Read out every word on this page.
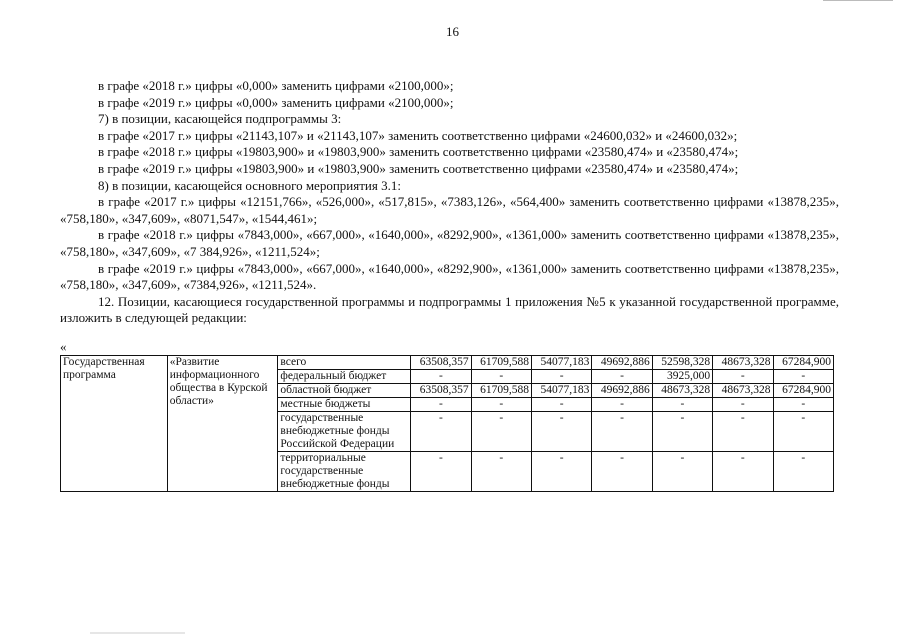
16
в графе «2018 г.» цифры «0,000» заменить цифрами «2100,000»;
в графе «2019 г.» цифры «0,000» заменить цифрами «2100,000»;
7) в позиции, касающейся подпрограммы 3:
в графе «2017 г.» цифры «21143,107» и «21143,107» заменить соответственно цифрами «24600,032» и «24600,032»;
в графе «2018 г.» цифры «19803,900» и «19803,900» заменить соответственно цифрами «23580,474» и «23580,474»;
в графе «2019 г.» цифры «19803,900» и «19803,900» заменить соответственно цифрами «23580,474» и «23580,474»;
8) в позиции, касающейся основного мероприятия 3.1:
в графе «2017 г.» цифры «12151,766», «526,000», «517,815», «7383,126», «564,400» заменить соответственно цифрами «13878,235», «758,180», «347,609», «8071,547», «1544,461»;
в графе «2018 г.» цифры «7843,000», «667,000», «1640,000», «8292,900», «1361,000» заменить соответственно цифрами «13878,235», «758,180», «347,609», «7 384,926», «1211,524»;
в графе «2019 г.» цифры «7843,000», «667,000», «1640,000», «8292,900», «1361,000» заменить соответственно цифрами «13878,235», «758,180», «347,609», «7384,926», «1211,524».
12. Позиции, касающиеся государственной программы и подпрограммы 1 приложения №5 к указанной государственной программе, изложить в следующей редакции:
«
Государственная программа	«Развитие информационного общества в Курской области»	всего	63508,357	61709,588	54077,183	49692,886	52598,328	48673,328	67284,900
		федеральный бюджет	-	-	-	-	3925,000	-	-
		областной бюджет	63508,357	61709,588	54077,183	49692,886	48673,328	48673,328	67284,900
		местные бюджеты	-	-	-	-	-	-	-
		государственные внебюджетные фонды Российской Федерации	-	-	-	-	-	-	-
		территориальные государственные внебюджетные фонды	-	-	-	-	-	-	-
